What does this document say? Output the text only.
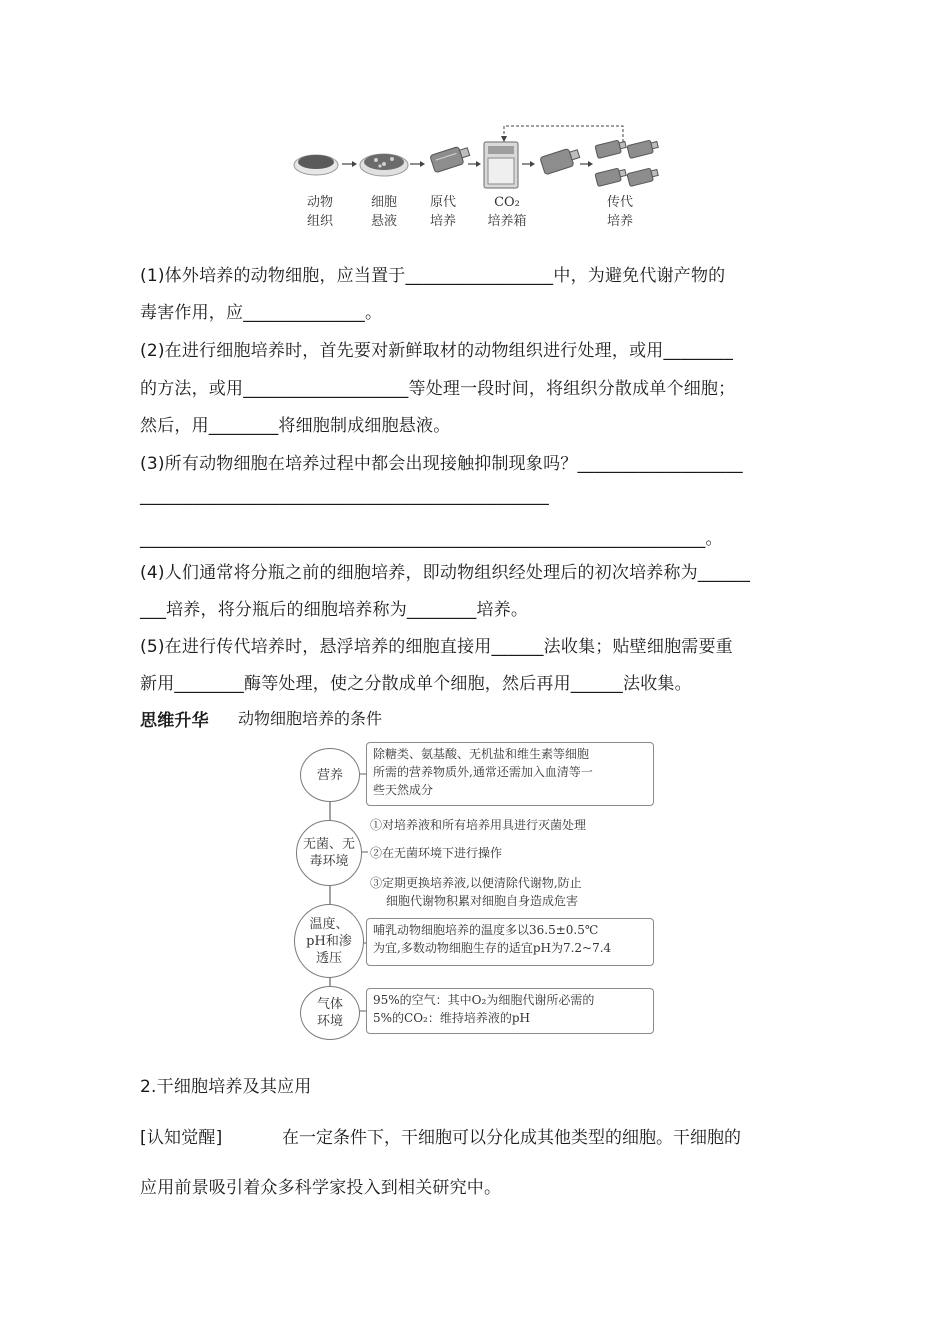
动物
组织
细胞
悬液
原代
培养
CO₂
培养箱
传代
培养
(1)体外培养的动物细胞，应当置于_________________中，为避免代谢产物的
毒害作用，应______________。
(2)在进行细胞培养时，首先要对新鲜取材的动物组织进行处理，或用________
的方法，或用___________________等处理一段时间，将组织分散成单个细胞；
然后，用________将细胞制成细胞悬液。
(3)所有动物细胞在培养过程中都会出现接触抑制现象吗？___________________
_______________________________________________
_________________________________________________________________。
(4)人们通常将分瓶之前的细胞培养，即动物组织经处理后的初次培养称为______
___培养，将分瓶后的细胞培养称为________培养。
(5)在进行传代培养时，悬浮培养的细胞直接用______法收集；贴壁细胞需要重
新用________酶等处理，使之分散成单个细胞，然后再用______法收集。
思维升华 动物细胞培养的条件
营养
除糖类、氨基酸、无机盐和维生素等细胞
所需的营养物质外,通常还需加入血清等一
些天然成分
无菌、无
毒环境
①对培养液和所有培养用具进行灭菌处理
②在无菌环境下进行操作
③定期更换培养液,以便清除代谢物,防止
细胞代谢物积累对细胞自身造成危害
温度、
pH和渗
透压
哺乳动物细胞培养的温度多以36.5±0.5℃
为宜,多数动物细胞生存的适宜pH为7.2~7.4
气体
环境
95%的空气：其中O₂为细胞代谢所必需的
5%的CO₂：维持培养液的pH
2.干细胞培养及其应用
[认知觉醒]	在一定条件下，干细胞可以分化成其他类型的细胞。干细胞的
应用前景吸引着众多科学家投入到相关研究中。
